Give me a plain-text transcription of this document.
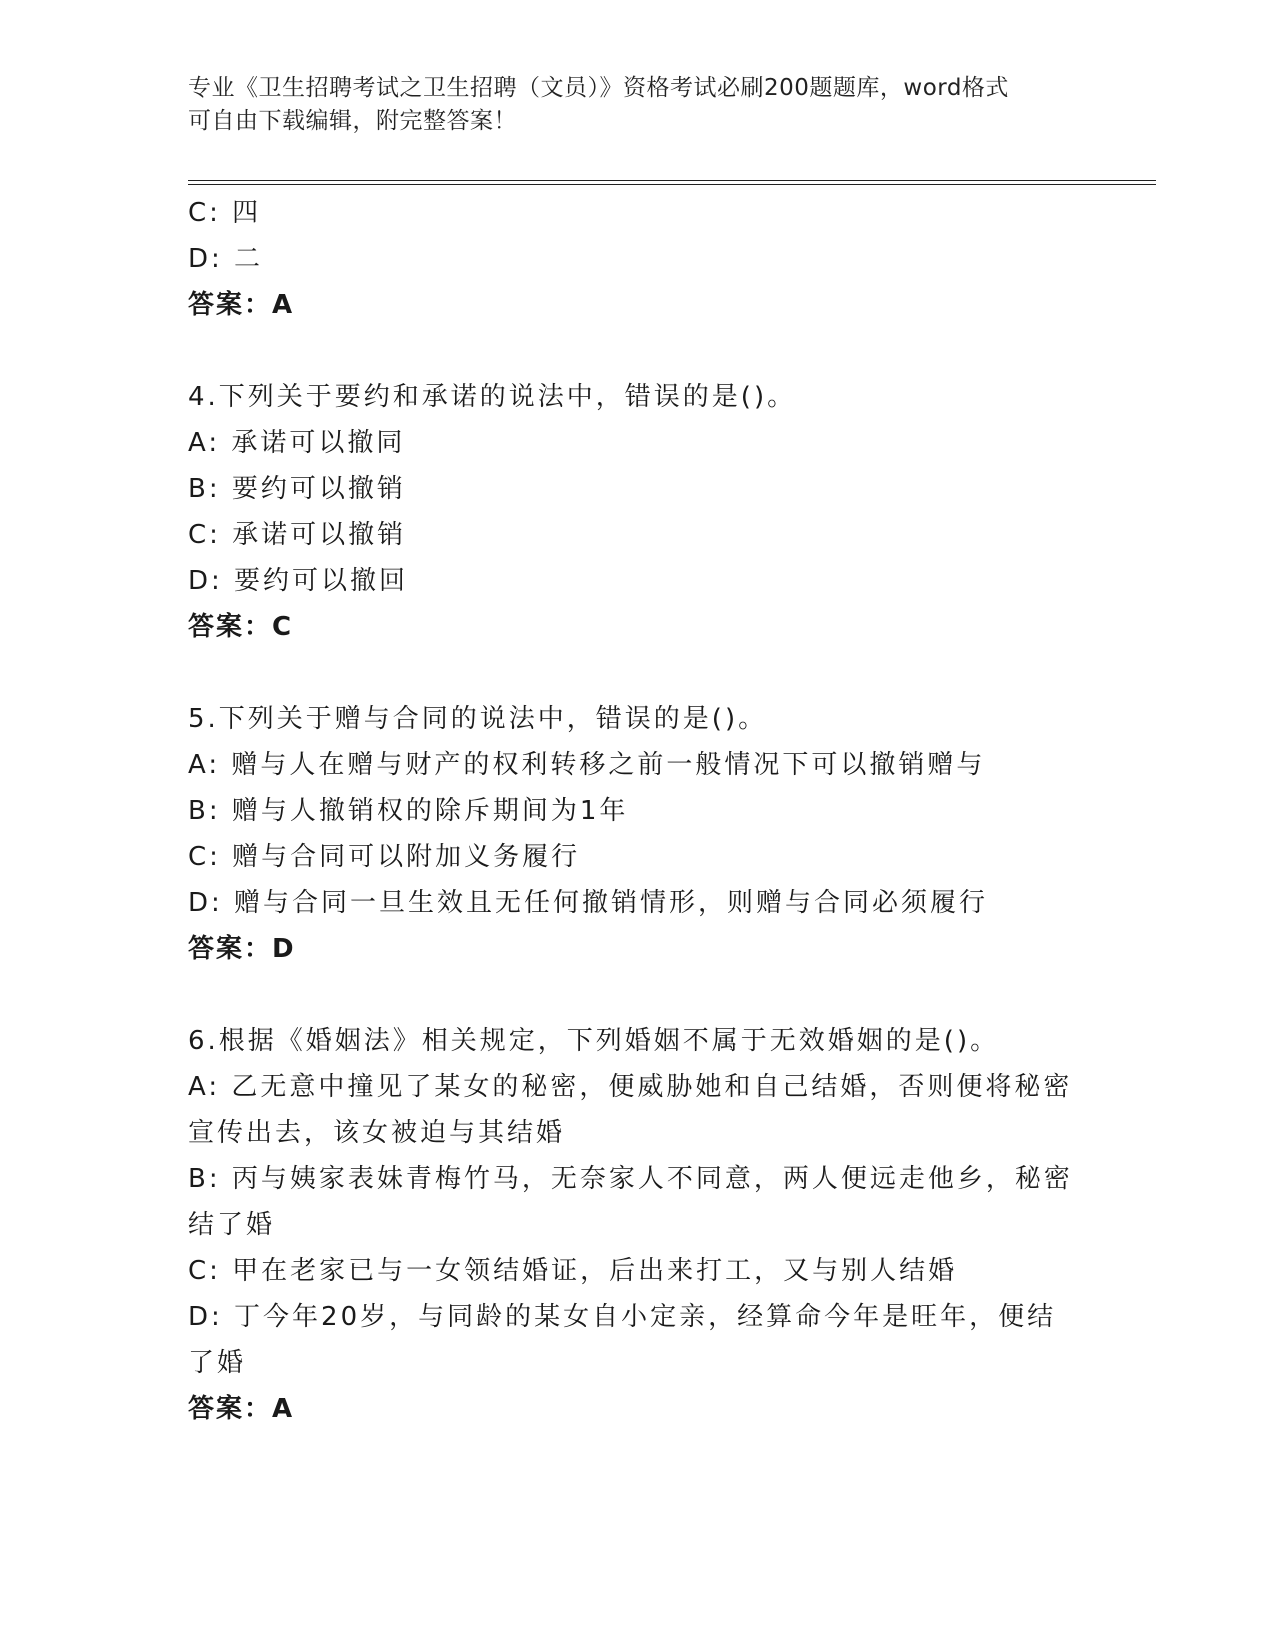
专业《卫生招聘考试之卫生招聘（文员）》资格考试必刷200题题库，word格式
可自由下载编辑，附完整答案！
C: 四
D: 二
答案：A
4.下列关于要约和承诺的说法中，错误的是()。
A: 承诺可以撤同
B: 要约可以撤销
C: 承诺可以撤销
D: 要约可以撤回
答案：C
5.下列关于赠与合同的说法中，错误的是()。
A: 赠与人在赠与财产的权利转移之前一般情况下可以撤销赠与
B: 赠与人撤销权的除斥期间为1年
C: 赠与合同可以附加义务履行
D: 赠与合同一旦生效且无任何撤销情形，则赠与合同必须履行
答案：D
6.根据《婚姻法》相关规定，下列婚姻不属于无效婚姻的是()。
A: 乙无意中撞见了某女的秘密，便威胁她和自己结婚，否则便将秘密宣传出去，该女被迫与其结婚
B: 丙与姨家表妹青梅竹马，无奈家人不同意，两人便远走他乡，秘密结了婚
C: 甲在老家已与一女领结婚证，后出来打工，又与别人结婚
D: 丁今年20岁，与同龄的某女自小定亲，经算命今年是旺年，便结了婚
答案：A
